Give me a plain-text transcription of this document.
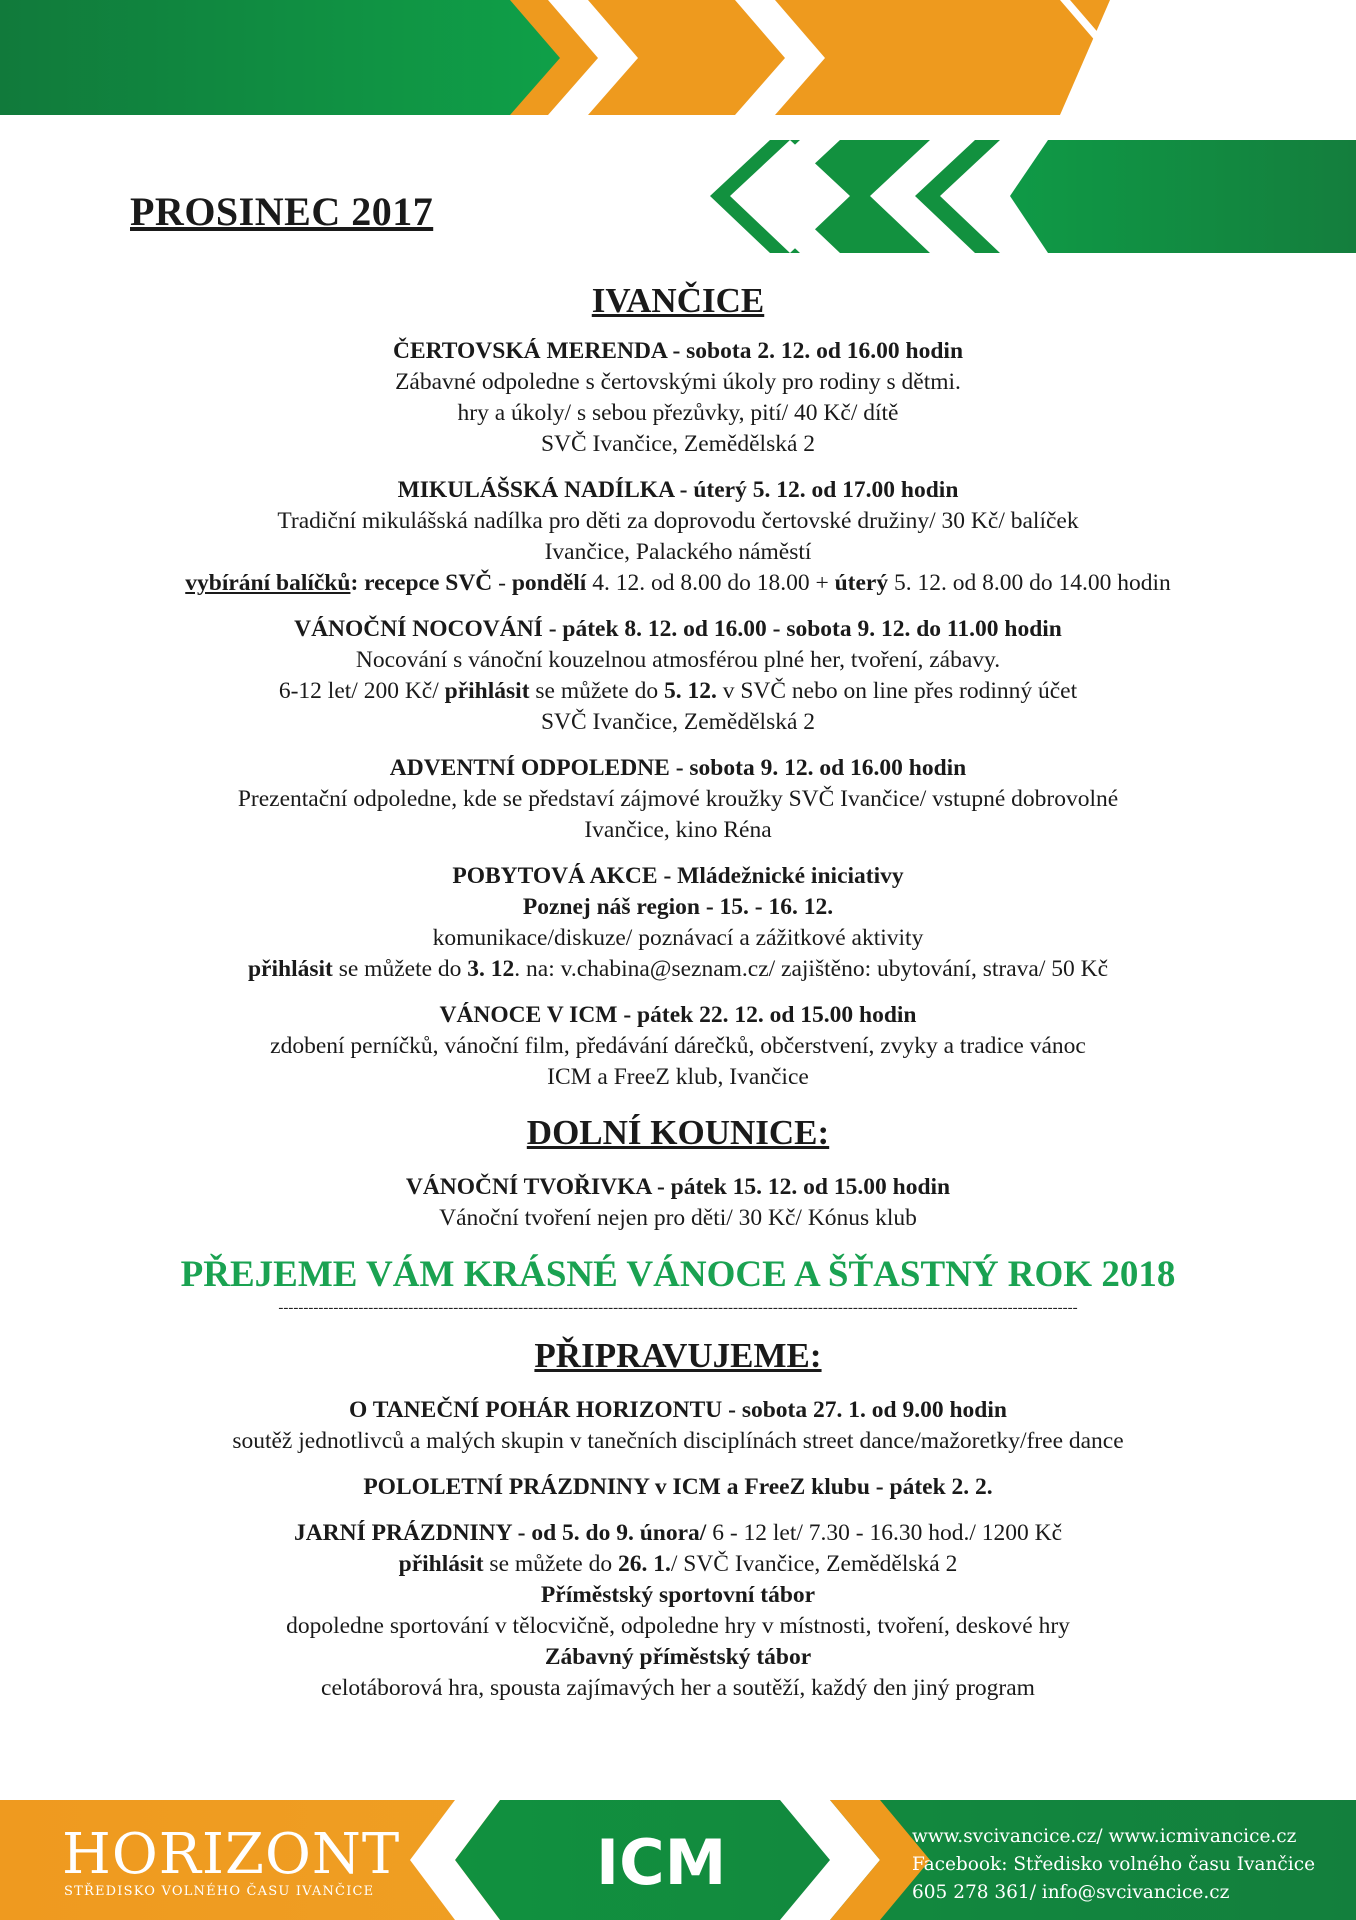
PROSINEC 2017
IVANČICE
ČERTOVSKÁ MERENDA - sobota 2. 12. od 16.00 hodin
Zábavné odpoledne s čertovskými úkoly pro rodiny s dětmi.
hry a úkoly/ s sebou přezůvky, pití/ 40 Kč/ dítě
SVČ Ivančice, Zemědělská 2
MIKULÁŠSKÁ NADÍLKA - úterý 5. 12. od 17.00 hodin
Tradiční mikulášská nadílka pro děti za doprovodu čertovské družiny/ 30 Kč/ balíček
Ivančice, Palackého náměstí
vybírání balíčků: recepce SVČ - pondělí 4. 12. od 8.00 do 18.00 + úterý 5. 12. od 8.00 do 14.00 hodin
VÁNOČNÍ NOCOVÁNÍ - pátek 8. 12. od 16.00 - sobota 9. 12. do 11.00 hodin
Nocování s vánoční kouzelnou atmosférou plné her, tvoření, zábavy.
6-12 let/ 200 Kč/ přihlásit se můžete do 5. 12. v SVČ nebo on line přes rodinný účet
SVČ Ivančice, Zemědělská 2
ADVENTNÍ ODPOLEDNE - sobota 9. 12. od 16.00 hodin
Prezentační odpoledne, kde se představí zájmové kroužky SVČ Ivančice/ vstupné dobrovolné
Ivančice, kino Réna
POBYTOVÁ AKCE - Mládežnické iniciativy
Poznej náš region - 15. - 16. 12.
komunikace/diskuze/ poznávací a zážitkové aktivity
přihlásit se můžete do 3. 12. na: v.chabina@seznam.cz/ zajištěno: ubytování, strava/ 50 Kč
VÁNOCE V ICM - pátek 22. 12. od 15.00 hodin
zdobení perníčků, vánoční film, předávání dárečků, občerstvení, zvyky a tradice vánoc
ICM a FreeZ klub, Ivančice
DOLNÍ KOUNICE:
VÁNOČNÍ TVOŘIVKA - pátek 15. 12. od 15.00 hodin
Vánoční tvoření nejen pro děti/ 30 Kč/ Kónus klub
PŘEJEME VÁM KRÁSNÉ VÁNOCE A ŠŤASTNÝ ROK 2018
----------------------------------------------------------------------------------------------------------------------------------------------------------------
PŘIPRAVUJEME:
O TANEČNÍ POHÁR HORIZONTU - sobota 27. 1. od 9.00 hodin
soutěž jednotlivců a malých skupin v tanečních disciplínách street dance/mažoretky/free dance
POLOLETNÍ PRÁZDNINY v ICM a FreeZ klubu - pátek 2. 2.
JARNÍ PRÁZDNINY - od 5. do 9. února/ 6 - 12 let/ 7.30 - 16.30 hod./ 1200 Kč
přihlásit se můžete do 26. 1./ SVČ Ivančice, Zemědělská 2
Příměstský sportovní tábor
dopoledne sportování v tělocvičně, odpoledne hry v místnosti, tvoření, deskové hry
Zábavný příměstský tábor
celotáborová hra, spousta zajímavých her a soutěží, každý den jiný program
HORIZONT
STŘEDISKO VOLNÉHO ČASU IVANČICE	ICM	www.svcivancice.cz/ www.icmivancice.cz
Facebook: Středisko volného času Ivančice
605 278 361/ info@svcivancice.cz
